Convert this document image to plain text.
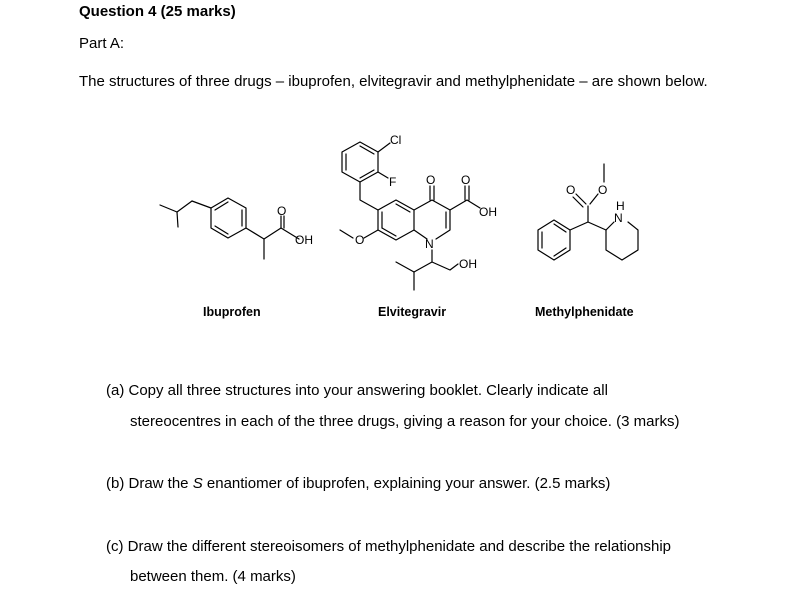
Question 4 (25 marks)
Part A:
The structures of three drugs – ibuprofen, elvitegravir and methylphenidate – are shown below.
O
OH
Cl
F
O	N
O O
OH
OH
O O
N
H
Ibuprofen	Elvitegravir	Methylphenidate
(a) Copy all three structures into your answering booklet. Clearly indicate all
stereocentres in each of the three drugs, giving a reason for your choice. (3 marks)
(b) Draw the S enantiomer of ibuprofen, explaining your answer. (2.5 marks)
(c) Draw the different stereoisomers of methylphenidate and describe the relationship
between them. (4 marks)
